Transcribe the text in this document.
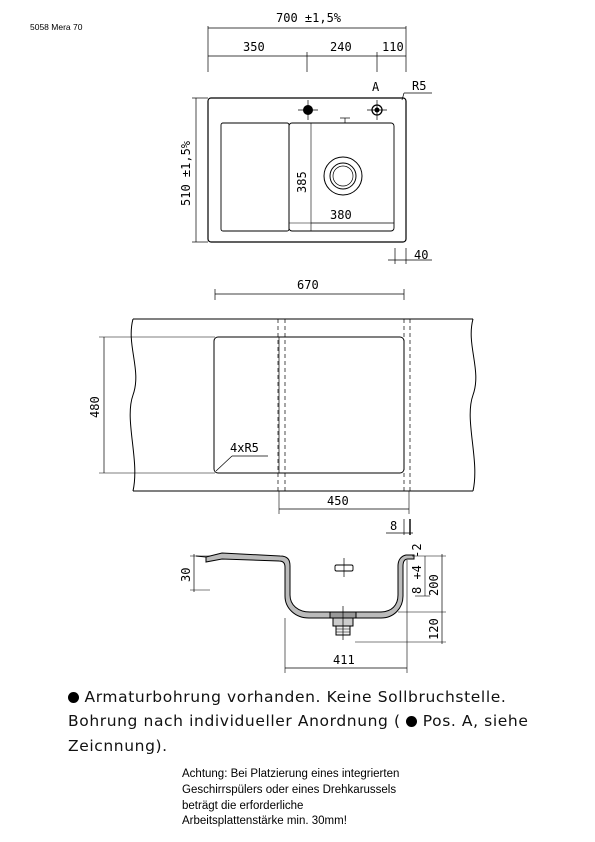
5058 Mera 70
700 ±1,5%
350	240	110
A	R5
510 ±1,5%	385
380
40
670
480
4xR5
450
8
30	200
8 +4 -2
120
411
Armaturbohrung vorhanden. Keine Sollbruchstelle.
Bohrung nach individueller Anordnung ( Pos. A, siehe
Zeicnnung).
Achtung: Bei Platzierung eines integrierten
Geschirrspülers oder eines Drehkarussels
beträgt die erforderliche
Arbeitsplattenstärke min. 30mm!
